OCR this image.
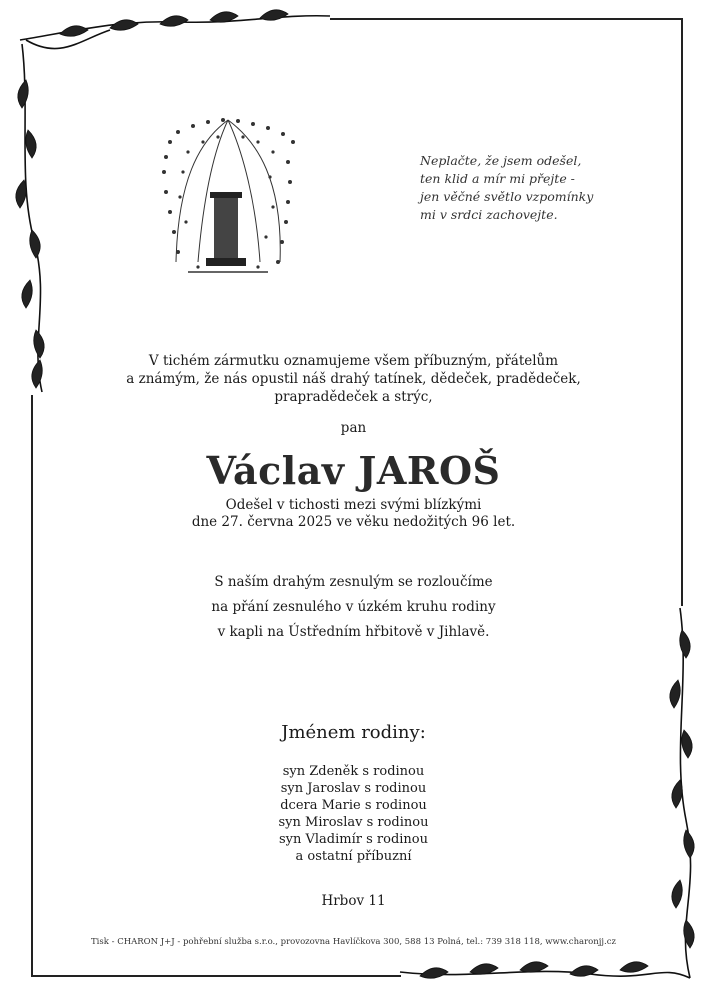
Neplačte, že jsem odešel,
ten klid a mír mi přejte -
jen věčné světlo vzpomínky
mi v srdci zachovejte.
V tichém zármutku oznamujeme všem příbuzným, přátelům
a známým, že nás opustil náš drahý tatínek, dědeček, pradědeček,
prapradědeček a strýc,
pan
Václav JAROŠ
Odešel v tichosti mezi svými blízkými
dne 27. června 2025 ve věku nedožitých 96 let.
S naším drahým zesnulým se rozloučíme
na přání zesnulého v úzkém kruhu rodiny
v kapli na Ústředním hřbitově v Jihlavě.
Jménem rodiny:
syn Zdeněk s rodinou
syn Jaroslav s rodinou
dcera Marie s rodinou
syn Miroslav s rodinou
syn Vladimír s rodinou
a ostatní příbuzní
Hrbov 11
Tisk - CHARON J+J - pohřební služba s.r.o., provozovna Havlíčkova 300, 588 13 Polná, tel.: 739 318 118, www.charonjj.cz
